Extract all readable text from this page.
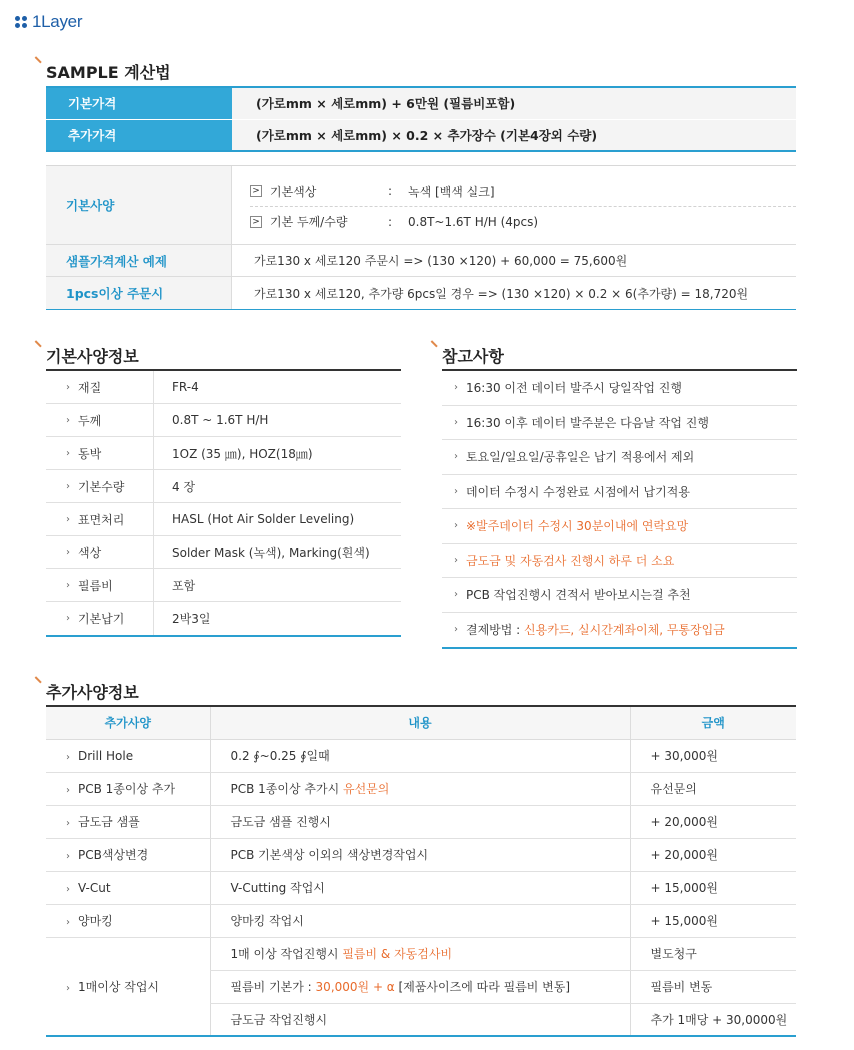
1Layer
SAMPLE 계산법
기본가격	(가로mm × 세로mm) + 6만원 (필름비포함)
추가가격	(가로mm × 세로mm) × 0.2 × 추가장수 (기본4장외 수량)
기본사양
> 기본색상	:	녹색 [백색 실크]
> 기본 두께/수량	:	0.8T~1.6T H/H (4pcs)
샘플가격계산 예제	가로130 x 세로120 주문시 => (130 ×120) + 60,000 = 75,600원
1pcs이상 주문시	가로130 x 세로120, 추가량 6pcs일 경우 => (130 ×120) × 0.2 × 6(추가량) = 18,720원
기본사양정보
› 재질	FR-4
› 두께	0.8T ~ 1.6T H/H
› 동박	1OZ (35 ㎛), HOZ(18㎛)
› 기본수량	4 장
› 표면처리	HASL (Hot Air Solder Leveling)
› 색상	Solder Mask (녹색), Marking(흰색)
› 필름비	포함
› 기본납기	2박3일
참고사항
› 16:30 이전 데이터 발주시 당일작업 진행
› 16:30 이후 데이터 발주분은 다음날 작업 진행
› 토요일/일요일/공휴일은 납기 적용에서 제외
› 데이터 수정시 수정완료 시점에서 납기적용
› ※발주데이터 수정시 30분이내에 연락요망
› 금도금 및 자동검사 진행시 하루 더 소요
› PCB 작업진행시 견적서 받아보시는걸 추천
› 결제방법 : 신용카드, 실시간계좌이체, 무통장입금
추가사양정보
추가사양	내용	금액
› Drill Hole	0.2 ∮~0.25 ∮일때	+ 30,000원
› PCB 1종이상 추가	PCB 1종이상 추가시 유선문의	유선문의
› 금도금 샘플	금도금 샘플 진행시	+ 20,000원
› PCB색상변경	PCB 기본색상 이외의 색상변경작업시	+ 20,000원
› V-Cut	V-Cutting 작업시	+ 15,000원
› 양마킹	양마킹 작업시	+ 15,000원
› 1매이상 작업시	1매 이상 작업진행시 필름비 & 자동검사비	별도청구
	필름비 기본가 : 30,000원 + α [제품사이즈에 따라 필름비 변동]	필름비 변동
	금도금 작업진행시	추가 1매당 + 30,0000원
